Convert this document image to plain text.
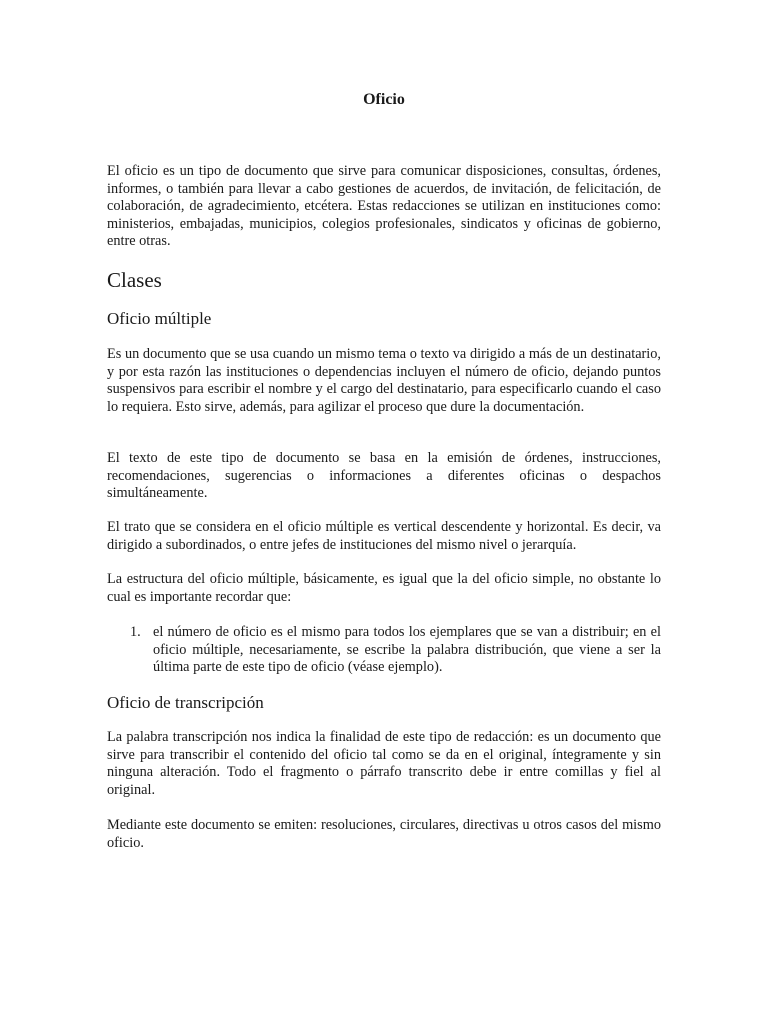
Oficio

El oficio es un tipo de documento que sirve para comunicar disposiciones, consultas, órdenes, informes, o también para llevar a cabo gestiones de acuerdos, de invitación, de felicitación, de colaboración, de agradecimiento, etcétera. Estas redacciones se utilizan en instituciones como: ministerios, embajadas, municipios, colegios profesionales, sindicatos y oficinas de gobierno, entre otras.

Clases
Oficio múltiple

Es un documento que se usa cuando un mismo tema o texto va dirigido a más de un destinatario, y por esta razón las instituciones o dependencias incluyen el número de oficio, dejando puntos suspensivos para escribir el nombre y el cargo del destinatario, para especificarlo cuando el caso lo requiera. Esto sirve, además, para agilizar el proceso que dure la documentación.

El texto de este tipo de documento se basa en la emisión de órdenes, instrucciones, recomendaciones, sugerencias o informaciones a diferentes oficinas o despachos simultáneamente.

El trato que se considera en el oficio múltiple es vertical descendente y horizontal. Es decir, va dirigido a subordinados, o entre jefes de instituciones del mismo nivel o jerarquía.

La estructura del oficio múltiple, básicamente, es igual que la del oficio simple, no obstante lo cual es importante recordar que:

1. el número de oficio es el mismo para todos los ejemplares que se van a distribuir; en el oficio múltiple, necesariamente, se escribe la palabra distribución, que viene a ser la última parte de este tipo de oficio (véase ejemplo).

Oficio de transcripción

La palabra transcripción nos indica la finalidad de este tipo de redacción: es un documento que sirve para transcribir el contenido del oficio tal como se da en el original, íntegramente y sin ninguna alteración. Todo el fragmento o párrafo transcrito debe ir entre comillas y fiel al original.

Mediante este documento se emiten: resoluciones, circulares, directivas u otros casos del mismo oficio.
